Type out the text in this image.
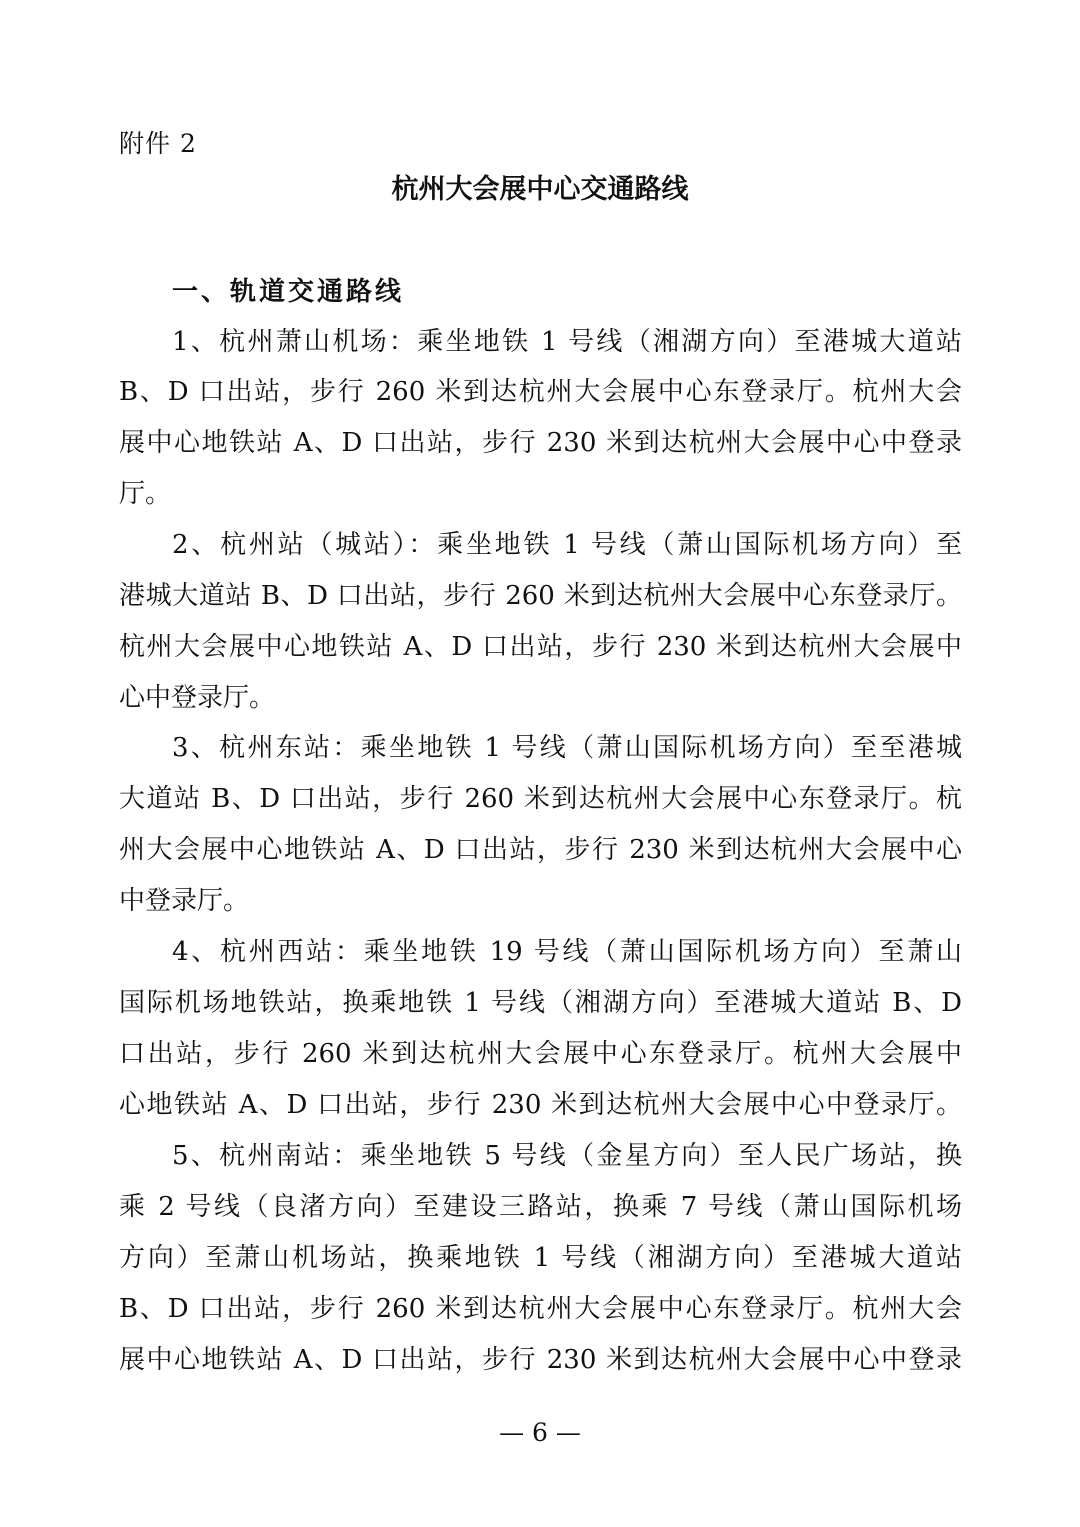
附件 2
杭州大会展中心交通路线
一、轨道交通路线
1、杭州萧山机场：乘坐地铁 1 号线（湘湖方向）至港城大道站
B、D 口出站，步行 260 米到达杭州大会展中心东登录厅。杭州大会
展中心地铁站 A、D 口出站，步行 230 米到达杭州大会展中心中登录
厅。
2、杭州站（城站）：乘坐地铁 1 号线（萧山国际机场方向）至
港城大道站 B、D 口出站，步行 260 米到达杭州大会展中心东登录厅。
杭州大会展中心地铁站 A、D 口出站，步行 230 米到达杭州大会展中
心中登录厅。
3、杭州东站：乘坐地铁 1 号线（萧山国际机场方向）至至港城
大道站 B、D 口出站，步行 260 米到达杭州大会展中心东登录厅。杭
州大会展中心地铁站 A、D 口出站，步行 230 米到达杭州大会展中心
中登录厅。
4、杭州西站：乘坐地铁 19 号线（萧山国际机场方向）至萧山
国际机场地铁站，换乘地铁 1 号线（湘湖方向）至港城大道站 B、D
口出站，步行 260 米到达杭州大会展中心东登录厅。杭州大会展中
心地铁站 A、D 口出站，步行 230 米到达杭州大会展中心中登录厅。
5、杭州南站：乘坐地铁 5 号线（金星方向）至人民广场站，换
乘 2 号线（良渚方向）至建设三路站，换乘 7 号线（萧山国际机场
方向）至萧山机场站，换乘地铁 1 号线（湘湖方向）至港城大道站
B、D 口出站，步行 260 米到达杭州大会展中心东登录厅。杭州大会
展中心地铁站 A、D 口出站，步行 230 米到达杭州大会展中心中登录
— 6 —
